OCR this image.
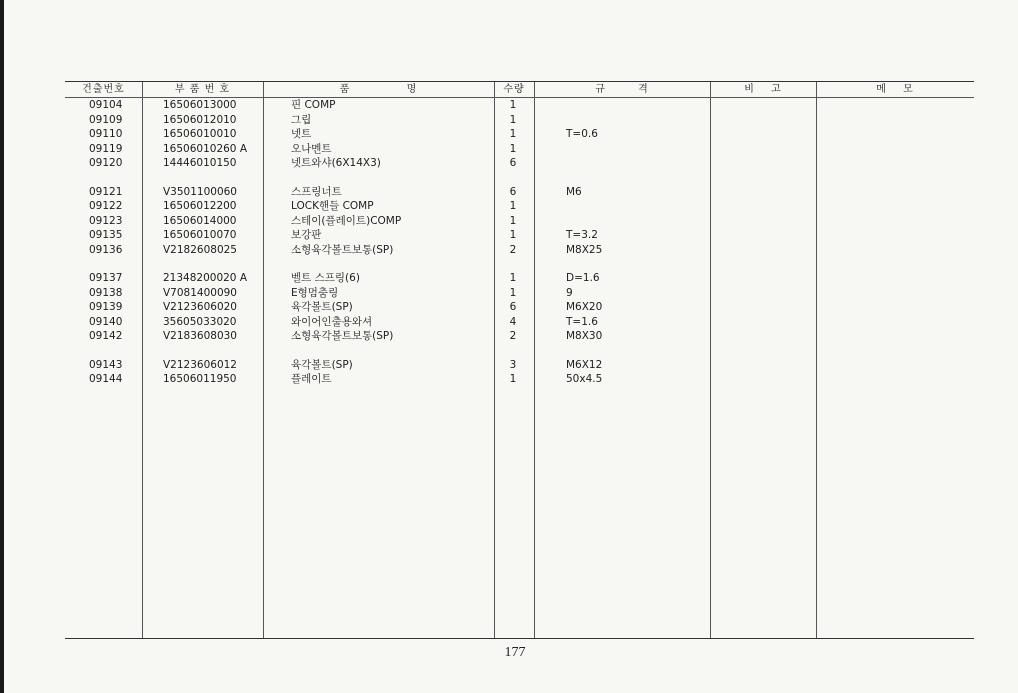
건출번호	부 품 번 호	품 명	수량	규 격	비 고	메 모
09104	16506013000	핀 COMP	1
09109	16506012010	그립	1
09110	16506010010	넷트	1	T=0.6
09119	16506010260 A	오나멘트	1
09120	14446010150	넷트와샤(6X14X3)	6
09121	V3501100060	스프링너트	6	M6
09122	16506012200	LOCK핸들 COMP	1
09123	16506014000	스테이(플레이트)COMP	1
09135	16506010070	보강판	1	T=3.2
09136	V2182608025	소형육각볼트보통(SP)	2	M8X25
09137	21348200020 A	벨트 스프링(6)	1	D=1.6
09138	V7081400090	E형멈춤링	1	9
09139	V2123606020	육각볼트(SP)	6	M6X20
09140	35605033020	와이어인출용와셔	4	T=1.6
09142	V2183608030	소형육각볼트보통(SP)	2	M8X30
09143	V2123606012	육각볼트(SP)	3	M6X12
09144	16506011950	플레이트	1	50x4.5
177
